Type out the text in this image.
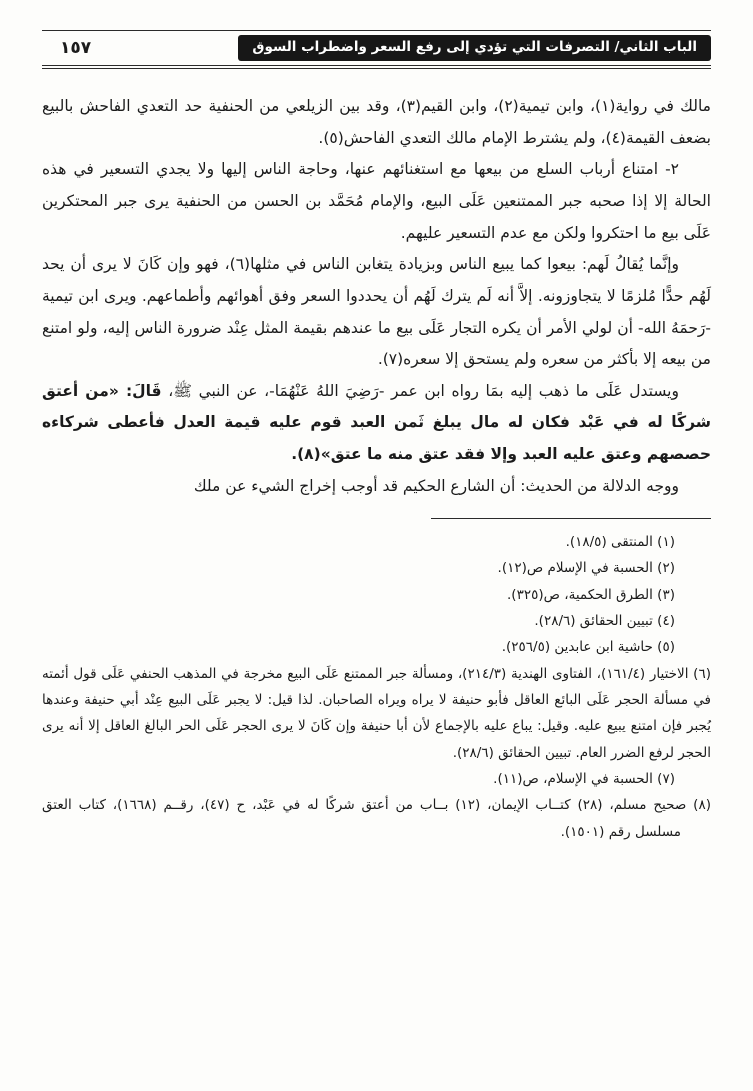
الباب الثاني/ التصرفات التي تؤدي إلى رفع السعر واضطراب السوق
١٥٧

مالك في رواية(١)، وابن تيمية(٢)، وابن القيم(٣)، وقد بين الزيلعي من الحنفية حد التعدي الفاحش بالبيع بضعف القيمة(٤)، ولم يشترط الإمام مالك التعدي الفاحش(٥).

٢- امتناع أرباب السلع من بيعها مع استغنائهم عنها، وحاجة الناس إليها ولا يجدي التسعير في هذه الحالة إلا إذا صحبه جبر الممتنعين عَلَى البيع، والإمام مُحَمَّد بن الحسن من الحنفية يرى جبر المحتكرين عَلَى بيع ما احتكروا ولكن مع عدم التسعير عليهم.

وإنَّما يُقالُ لَهم: بيعوا كما يبيع الناس وبزيادة يتغابن الناس في مثلها(٦)، فهو وإن كَانَ لا يرى أن يحد لَهُم حدًّا مُلزمًا لا يتجاوزونه. إلاَّ أنه لَم يترك لَهُم أن يحددوا السعر وفق أهوائهم وأطماعهم. ويرى ابن تيمية -رَحمَهُ الله- أن لولي الأمر أن يكره التجار عَلَى بيع ما عندهم بقيمة المثل عِنْد ضرورة الناس إليه، ولو امتنع من بيعه إلا بأكثر من سعره ولم يستحق إلا سعره(٧).

ويستدل عَلَى ما ذهب إليه بمَا رواه ابن عمر -رَضِيَ اللهُ عَنْهُمَا-، عن النبي ﷺ، قَالَ: «من أعتق شركًا له في عَبْد فكان له مال يبلغ ثَمن العبد قوم عليه قيمة العدل فأعطى شركاءه حصصهم وعتق عليه العبد وإلا فقد عتق منه ما عتق»(٨).

ووجه الدلالة من الحديث: أن الشارع الحكيم قد أوجب إخراج الشيء عن ملك

(١) المنتقى (١٨/٥).
(٢) الحسبة في الإسلام ص(١٢).
(٣) الطرق الحكمية، ص(٣٢٥).
(٤) تبيين الحقائق (٢٨/٦).
(٥) حاشية ابن عابدين (٢٥٦/٥).
(٦) الاختيار (١٦١/٤)، الفتاوى الهندية (٢١٤/٣)، ومسألة جبر الممتنع عَلَى البيع مخرجة في المذهب الحنفي عَلَى قول أئمته في مسألة الحجر عَلَى البائع العاقل فأبو حنيفة لا يراه ويراه الصاحبان. لذا قيل: لا يجبر عَلَى البيع عِنْد أبي حنيفة وعندها يُجبر فإن امتنع يبيع عليه. وقيل: يباع عليه بالإجماع لأن أبا حنيفة وإن كَانَ لا يرى الحجر عَلَى الحر البالغ العاقل إلا أنه يرى الحجر لرفع الضرر العام. تبيين الحقائق (٢٨/٦).
(٧) الحسبة في الإسلام، ص(١١).
(٨) صحيح مسلم، (٢٨) كتــاب الإيمان، (١٢) بــاب من أعتق شركًا له في عَبْد، ح (٤٧)، رقــم (١٦٦٨)، كتاب العتق مسلسل رقم (١٥٠١).
